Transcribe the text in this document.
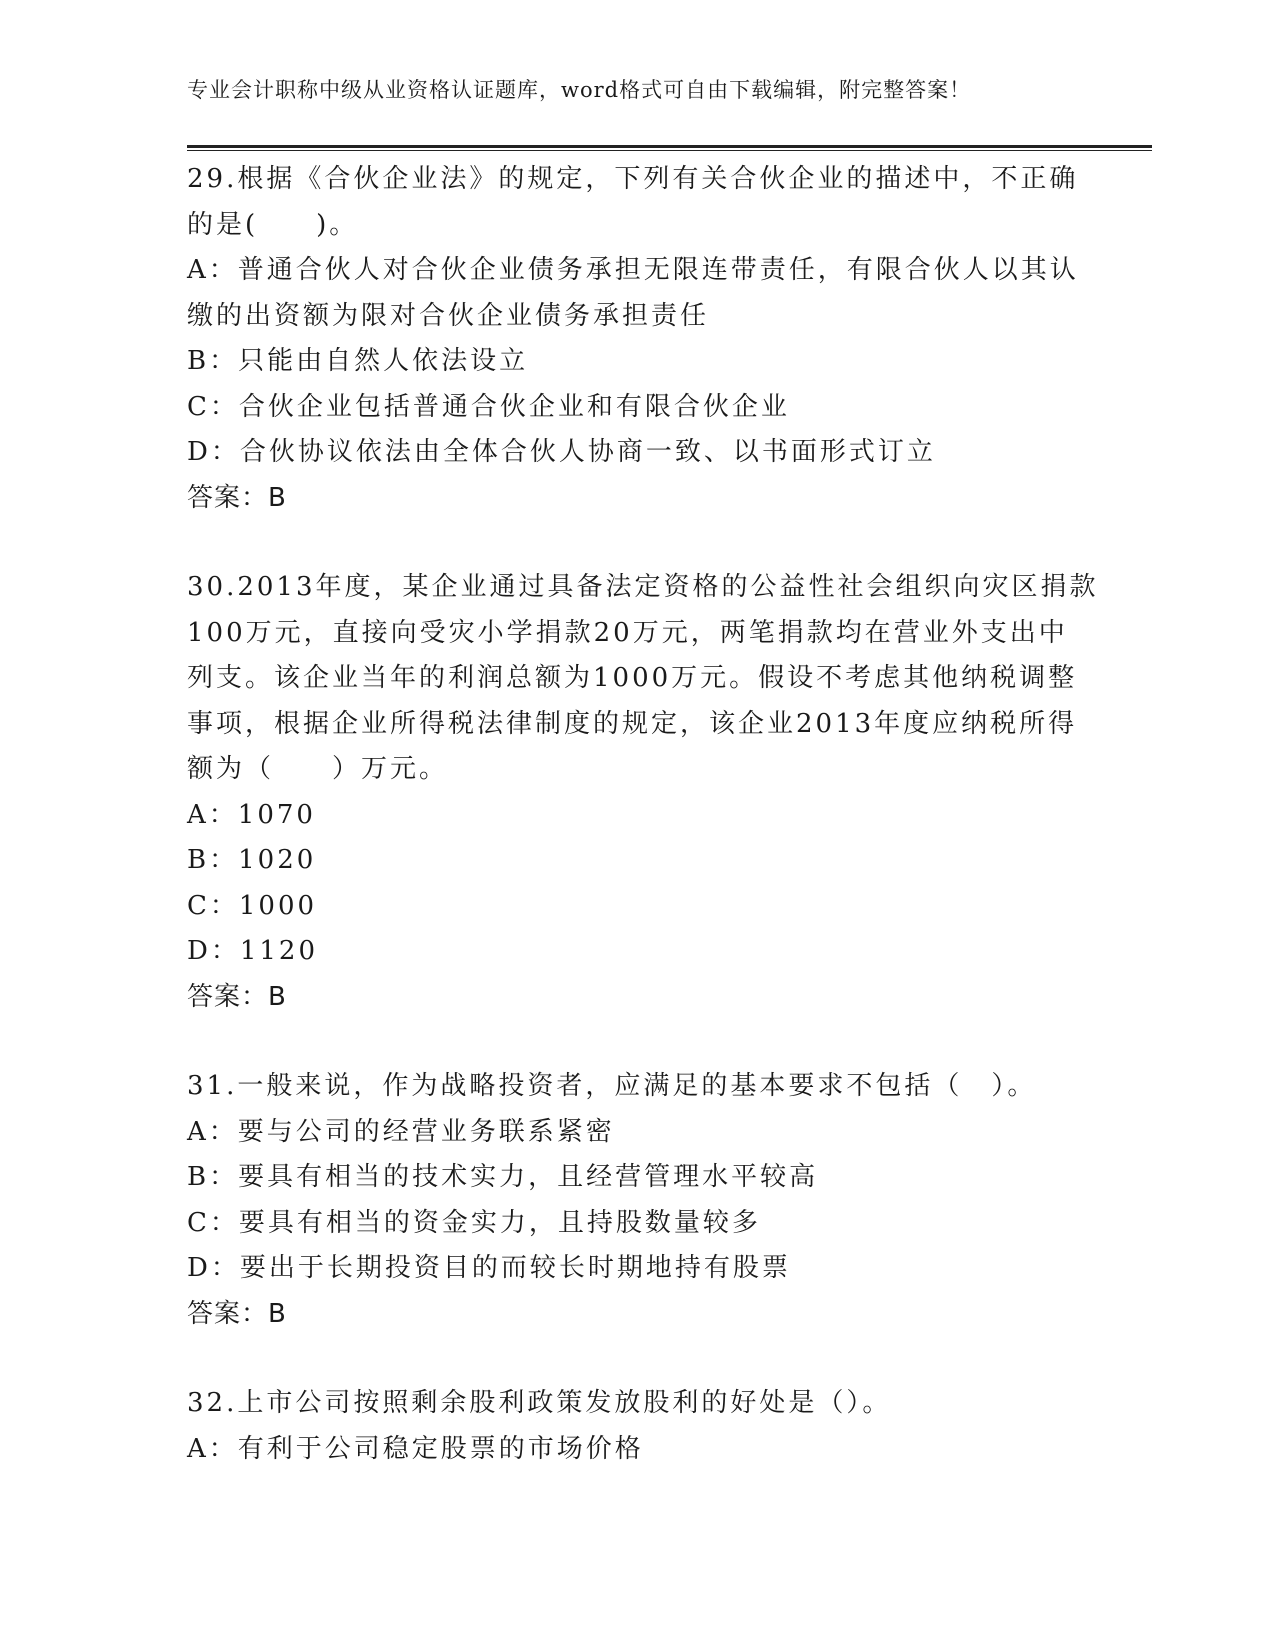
专业会计职称中级从业资格认证题库，word格式可自由下载编辑，附完整答案！
29.根据《合伙企业法》的规定，下列有关合伙企业的描述中，不正确
的是(　　)。
A：普通合伙人对合伙企业债务承担无限连带责任，有限合伙人以其认
缴的出资额为限对合伙企业债务承担责任
B：只能由自然人依法设立
C：合伙企业包括普通合伙企业和有限合伙企业
D：合伙协议依法由全体合伙人协商一致、以书面形式订立
答案：B
30.2013年度，某企业通过具备法定资格的公益性社会组织向灾区捐款
100万元，直接向受灾小学捐款20万元，两笔捐款均在营业外支出中
列支。该企业当年的利润总额为1000万元。假设不考虑其他纳税调整
事项，根据企业所得税法律制度的规定，该企业2013年度应纳税所得
额为（　　）万元。
A：1070
B：1020
C：1000
D：1120
答案：B
31.一般来说，作为战略投资者，应满足的基本要求不包括（　）。
A：要与公司的经营业务联系紧密
B：要具有相当的技术实力，且经营管理水平较高
C：要具有相当的资金实力，且持股数量较多
D：要出于长期投资目的而较长时期地持有股票
答案：B
32.上市公司按照剩余股利政策发放股利的好处是（）。
A：有利于公司稳定股票的市场价格
